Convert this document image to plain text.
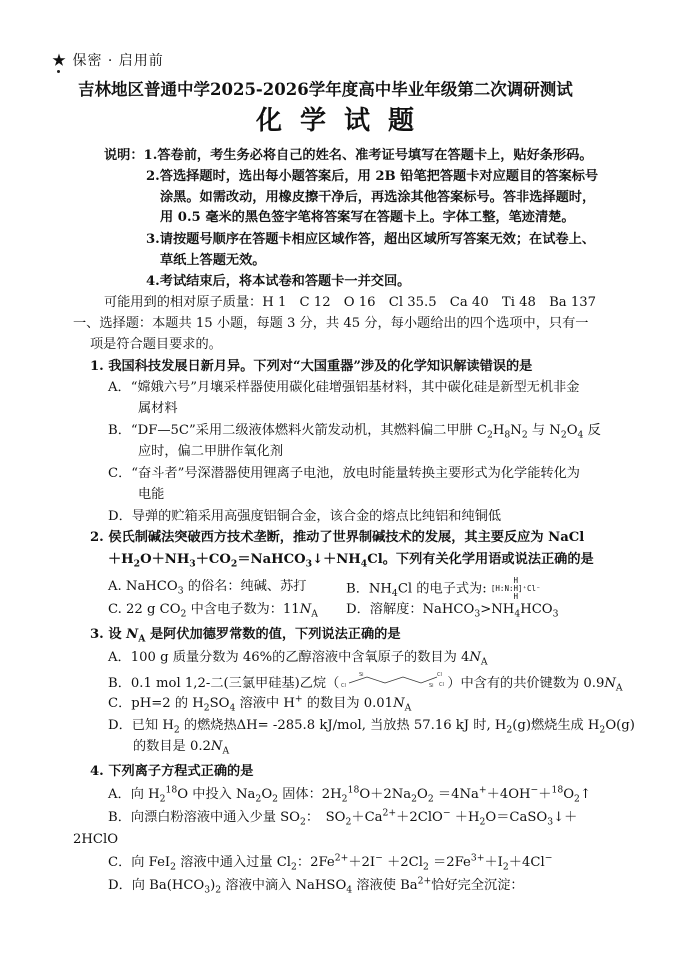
★ 保密 · 启用前
吉林地区普通中学2025-2026学年度高中毕业年级第二次调研测试
化学试题
说明：1.答卷前，考生务必将自己的姓名、准考证号填写在答题卡上，贴好条形码。
2.答选择题时，选出每小题答案后，用 2B 铅笔把答题卡对应题目的答案标号
涂黑。如需改动，用橡皮擦干净后，再选涂其他答案标号。答非选择题时，
用 0.5 毫米的黑色签字笔将答案写在答题卡上。字体工整，笔迹清楚。
3.请按题号顺序在答题卡相应区域作答，超出区域所写答案无效；在试卷上、
草纸上答题无效。
4.考试结束后，将本试卷和答题卡一并交回。
可能用到的相对原子质量：H 1　C 12　O 16　Cl 35.5　Ca 40　Ti 48　Ba 137
一、选择题：本题共 15 小题，每题 3 分，共 45 分，每小题给出的四个选项中，只有一
项是符合题目要求的。
1. 我国科技发展日新月异。下列对“大国重器”涉及的化学知识解读错误的是
A．“嫦娥六号”月壤采样器使用碳化硅增强铝基材料，其中碳化硅是新型无机非金
属材料
B．“DF—5C”采用二级液体燃料火箭发动机，其燃料偏二甲肼 $C_2H_8N_2$ 与 $N_2O_4$ 反
应时，偏二甲肼作氧化剂
C．“奋斗者”号深潜器使用锂离子电池，放电时能量转换主要形式为化学能转化为
电能
D．导弹的贮箱采用高强度铝铜合金，该合金的熔点比纯铝和纯铜低
2. 侯氏制碱法突破西方技术垄断，推动了世界制碱技术的发展，其主要反应为 NaCl
$+H_2O+NH_3+CO_2=NaHCO_3↓+NH_4Cl$。下列有关化学用语或说法正确的是
A. NaHCO$_3$ 的俗名：纯碱、苏打	B．$NH_4Cl$ 的电子式为: H
[H:N:H]⁺Cl⁻
H
C. 22 g $CO_2$ 中含电子数为：$11N_A$ D．溶解度：$NaHCO_3>NH_4HCO_3$
3. 设 $N_A$ 是阿伏加德罗常数的值，下列说法正确的是
A．100 g 质量分数为 46%的乙醇溶液中含氧原子的数目为 $4N_A$
B．0.1 mol 1,2-二(三氯甲硅基)乙烷（ Cl
Si
Si
Cl
Cl ）中含有的共价键数为 $0.9N_A$
C．pH=2 的 $H_2SO_4$ 溶液中 H+ 的数目为 $0.01N_A$
D．已知 $H_2$ 的燃烧热ΔH= -285.8 kJ/mol, 当放热 57.16 kJ 时, $H_2(g)$燃烧生成 $H_2O(g)$
的数目是 $0.2N_A$
4. 下列离子方程式正确的是
A．向 $H_2^{18}O$ 中投入 $Na_2O_2$ 固体：$2H_2^{18}O+2Na_2O_2$ $=4Na^++4OH^-+^{18}O_2↑$
B．向漂白粉溶液中通入少量 $SO_2$：　$SO_2+Ca^{2+}+2ClO^-$ $+H_2O=CaSO_3↓+$
2HClO
C．向 FeI$_2$ 溶液中通入过量 $Cl_2$：$2Fe^{2+}+2I^- +2Cl_2 =2Fe^{3+}+I_2+4Cl^-$
D．向 $Ba(HCO_3)_2$ 溶液中滴入 NaHSO$_4$ 溶液使 $Ba^{2+}$恰好完全沉淀：
